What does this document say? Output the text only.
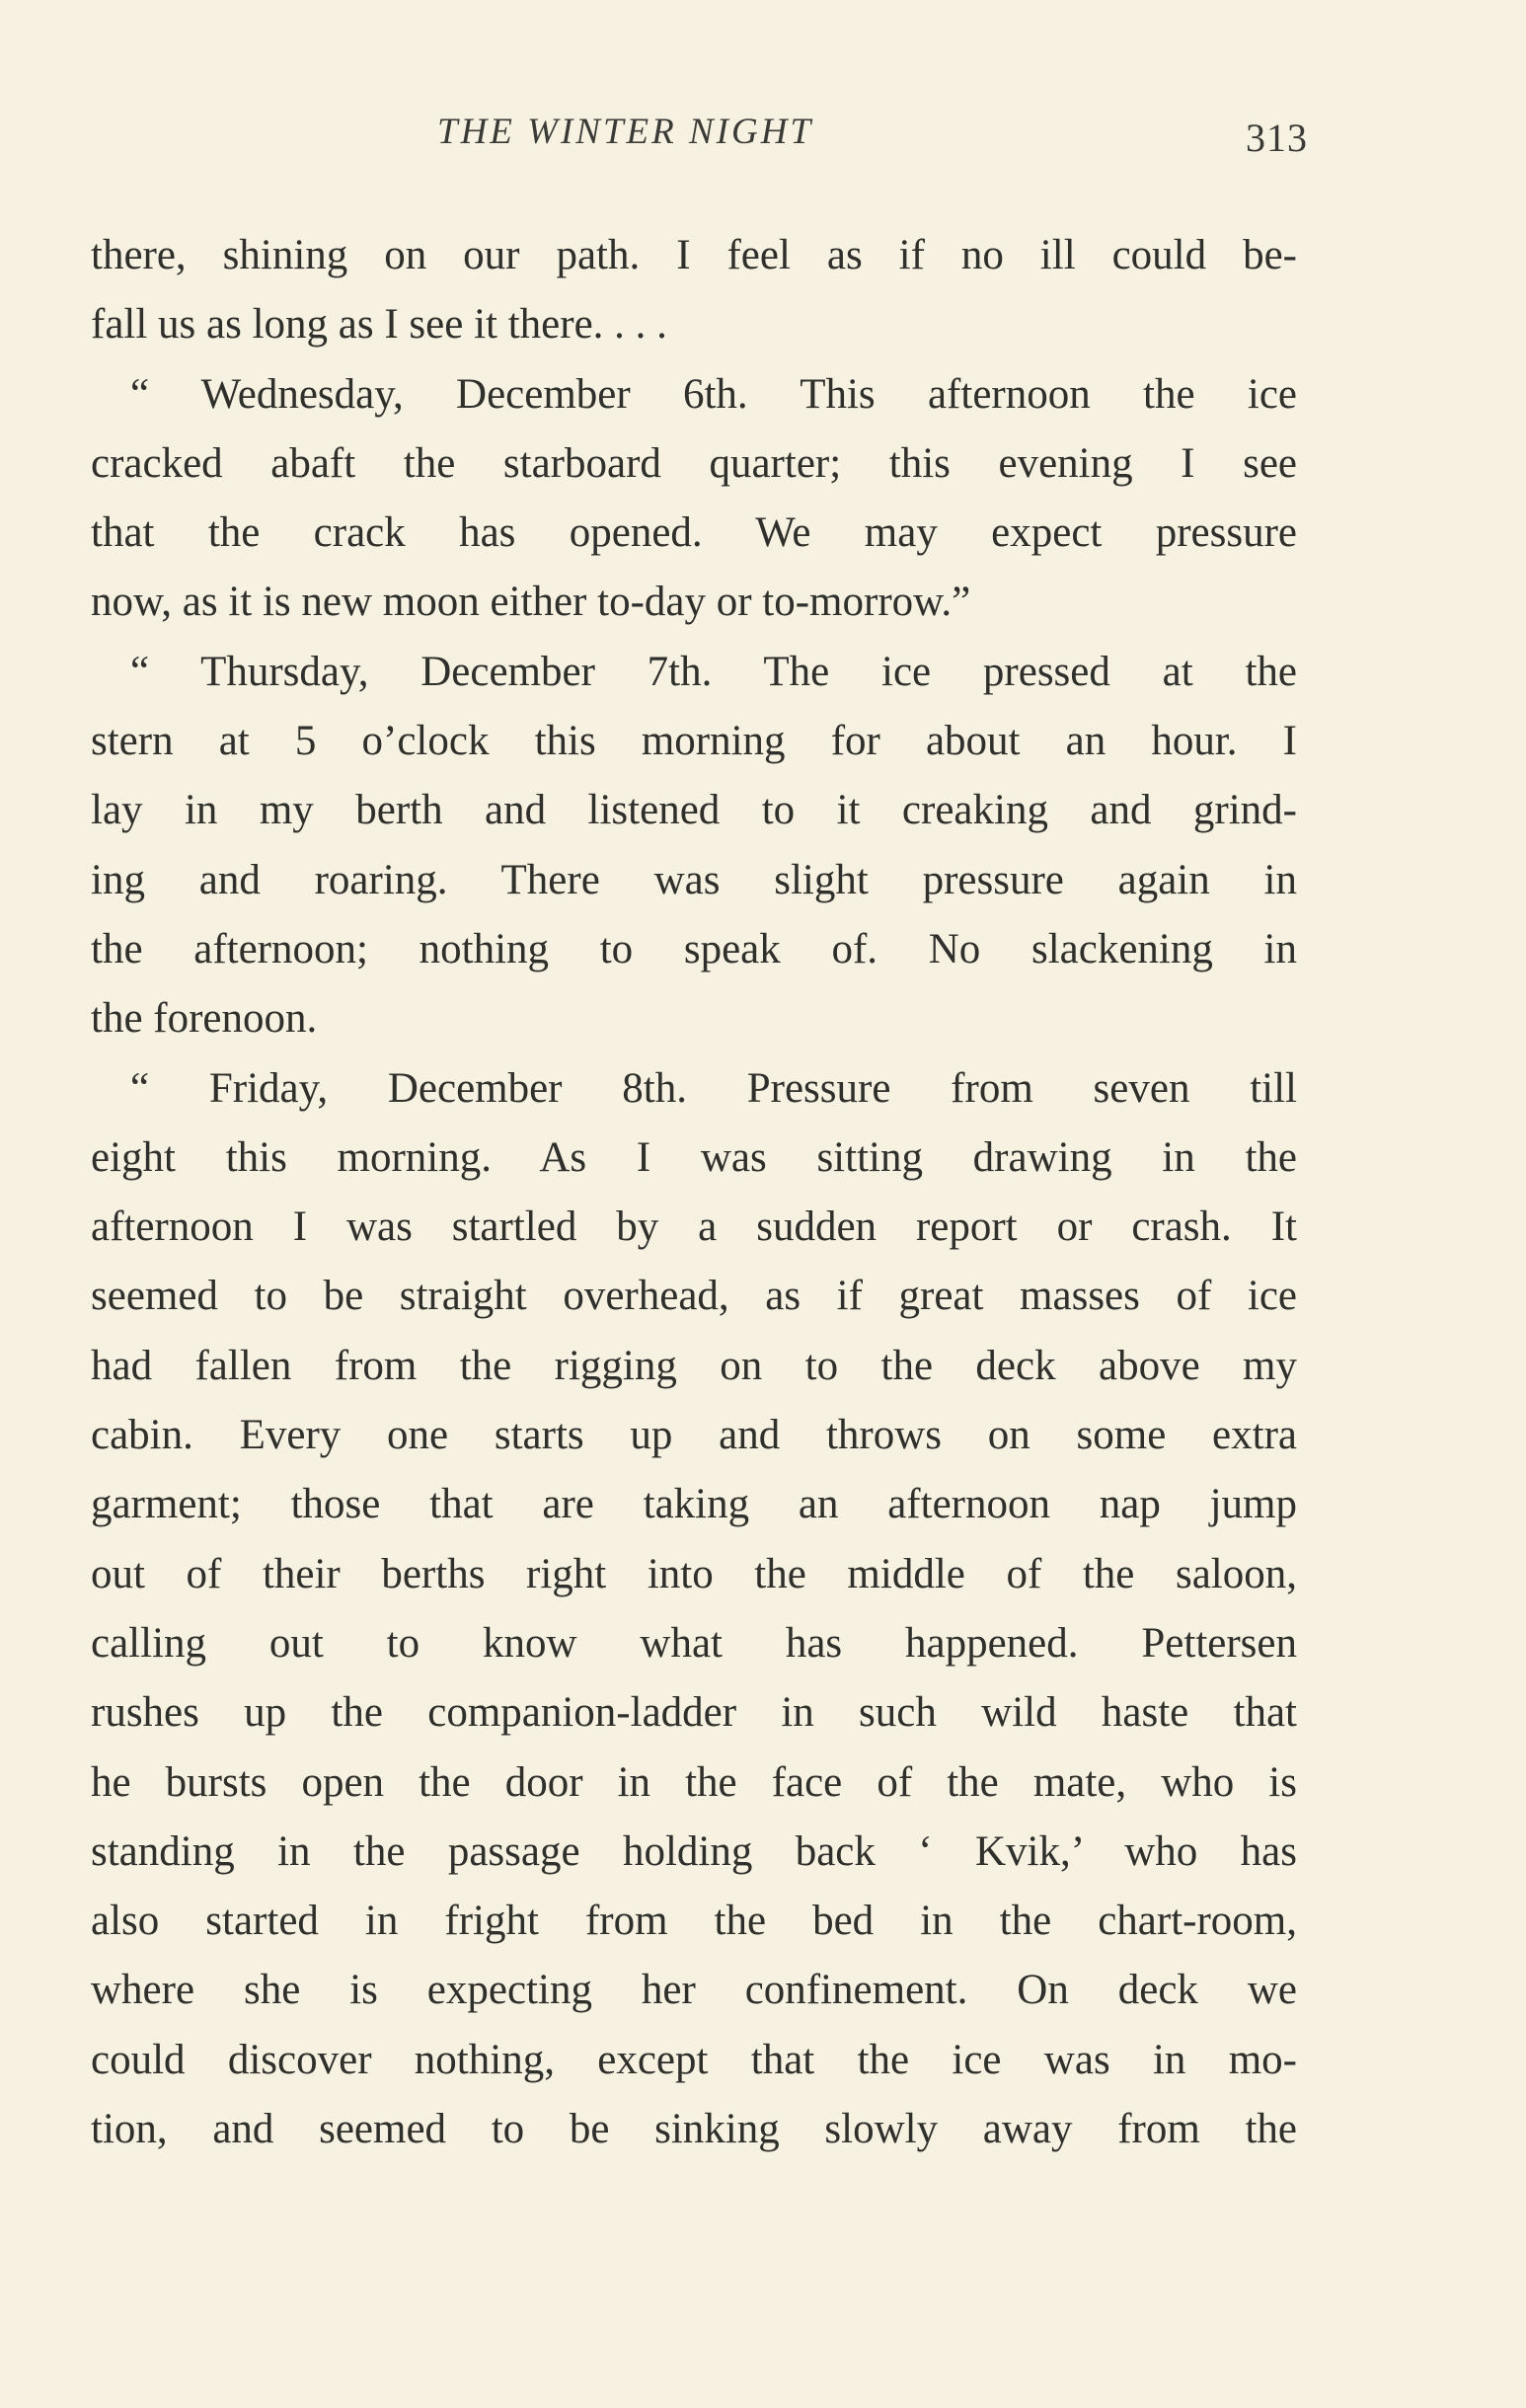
THE WINTER NIGHT	313
there, shining on our path. I feel as if no ill could be-
fall us as long as I see it there. . . .
“ Wednesday, December 6th. This afternoon the ice
cracked abaft the starboard quarter; this evening I see
that the crack has opened. We may expect pressure
now, as it is new moon either to-day or to-morrow.”
“ Thursday, December 7th. The ice pressed at the
stern at 5 o’clock this morning for about an hour. I
lay in my berth and listened to it creaking and grind-
ing and roaring. There was slight pressure again in
the afternoon; nothing to speak of. No slackening in
the forenoon.
“ Friday, December 8th. Pressure from seven till
eight this morning. As I was sitting drawing in the
afternoon I was startled by a sudden report or crash. It
seemed to be straight overhead, as if great masses of ice
had fallen from the rigging on to the deck above my
cabin. Every one starts up and throws on some extra
garment; those that are taking an afternoon nap jump
out of their berths right into the middle of the saloon,
calling out to know what has happened. Pettersen
rushes up the companion-ladder in such wild haste that
he bursts open the door in the face of the mate, who is
standing in the passage holding back ‘ Kvik,’ who has
also started in fright from the bed in the chart-room,
where she is expecting her confinement. On deck we
could discover nothing, except that the ice was in mo-
tion, and seemed to be sinking slowly away from the
